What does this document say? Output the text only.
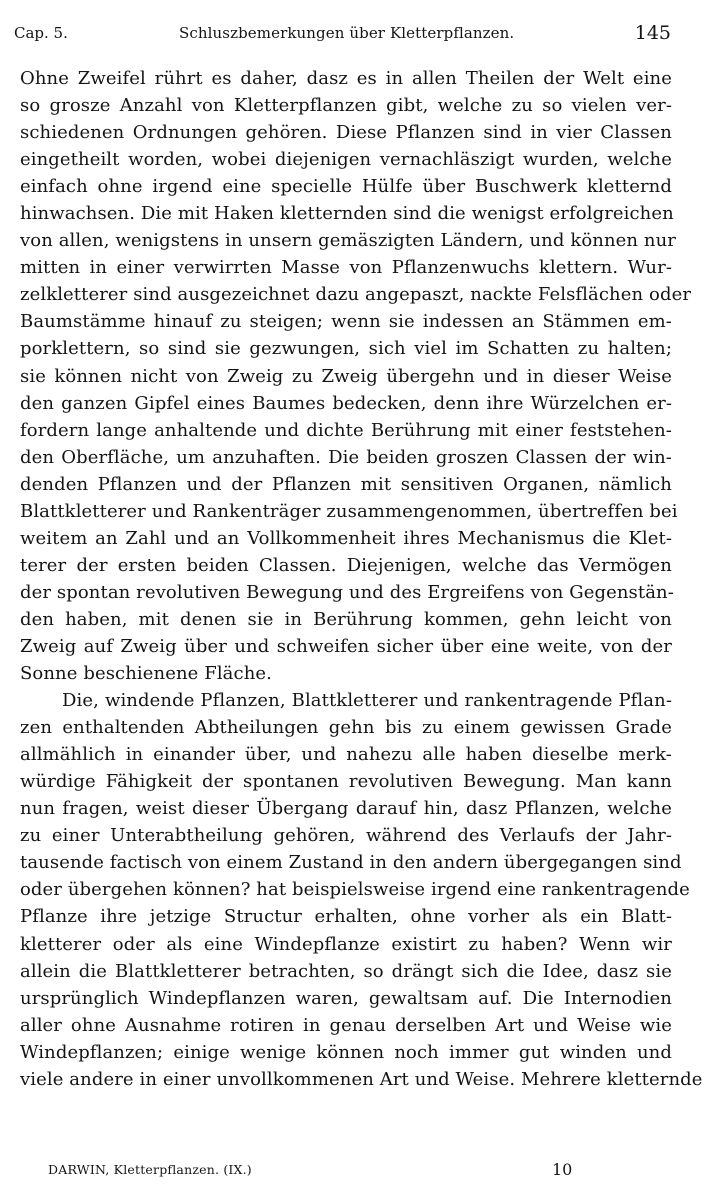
Cap. 5.	Schluszbemerkungen über Kletterpflanzen.	145
Ohne Zweifel rührt es daher, dasz es in allen Theilen der Welt eine
so grosze Anzahl von Kletterpflanzen gibt, welche zu so vielen ver-
schiedenen Ordnungen gehören. Diese Pflanzen sind in vier Classen
eingetheilt worden, wobei diejenigen vernachläszigt wurden, welche
einfach ohne irgend eine specielle Hülfe über Buschwerk kletternd
hinwachsen. Die mit Haken kletternden sind die wenigst erfolgreichen
von allen, wenigstens in unsern gemäszigten Ländern, und können nur
mitten in einer verwirrten Masse von Pflanzenwuchs klettern. Wur-
zelkletterer sind ausgezeichnet dazu angepaszt, nackte Felsflächen oder
Baumstämme hinauf zu steigen; wenn sie indessen an Stämmen em-
porklettern, so sind sie gezwungen, sich viel im Schatten zu halten;
sie können nicht von Zweig zu Zweig übergehn und in dieser Weise
den ganzen Gipfel eines Baumes bedecken, denn ihre Würzelchen er-
fordern lange anhaltende und dichte Berührung mit einer feststehen-
den Oberfläche, um anzuhaften. Die beiden groszen Classen der win-
denden Pflanzen und der Pflanzen mit sensitiven Organen, nämlich
Blattkletterer und Rankenträger zusammengenommen, übertreffen bei
weitem an Zahl und an Vollkommenheit ihres Mechanismus die Klet-
terer der ersten beiden Classen. Diejenigen, welche das Vermögen
der spontan revolutiven Bewegung und des Ergreifens von Gegenstän-
den haben, mit denen sie in Berührung kommen, gehn leicht von
Zweig auf Zweig über und schweifen sicher über eine weite, von der
Sonne beschienene Fläche.
Die, windende Pflanzen, Blattkletterer und rankentragende Pflan-
zen enthaltenden Abtheilungen gehn bis zu einem gewissen Grade
allmählich in einander über, und nahezu alle haben dieselbe merk-
würdige Fähigkeit der spontanen revolutiven Bewegung. Man kann
nun fragen, weist dieser Übergang darauf hin, dasz Pflanzen, welche
zu einer Unterabtheilung gehören, während des Verlaufs der Jahr-
tausende factisch von einem Zustand in den andern übergegangen sind
oder übergehen können? hat beispielsweise irgend eine rankentragende
Pflanze ihre jetzige Structur erhalten, ohne vorher als ein Blatt-
kletterer oder als eine Windepflanze existirt zu haben? Wenn wir
allein die Blattkletterer betrachten, so drängt sich die Idee, dasz sie
ursprünglich Windepflanzen waren, gewaltsam auf. Die Internodien
aller ohne Ausnahme rotiren in genau derselben Art und Weise wie
Windepflanzen; einige wenige können noch immer gut winden und
viele andere in einer unvollkommenen Art und Weise. Mehrere kletternde
DARWIN, Kletterpflanzen. (IX.)	10
